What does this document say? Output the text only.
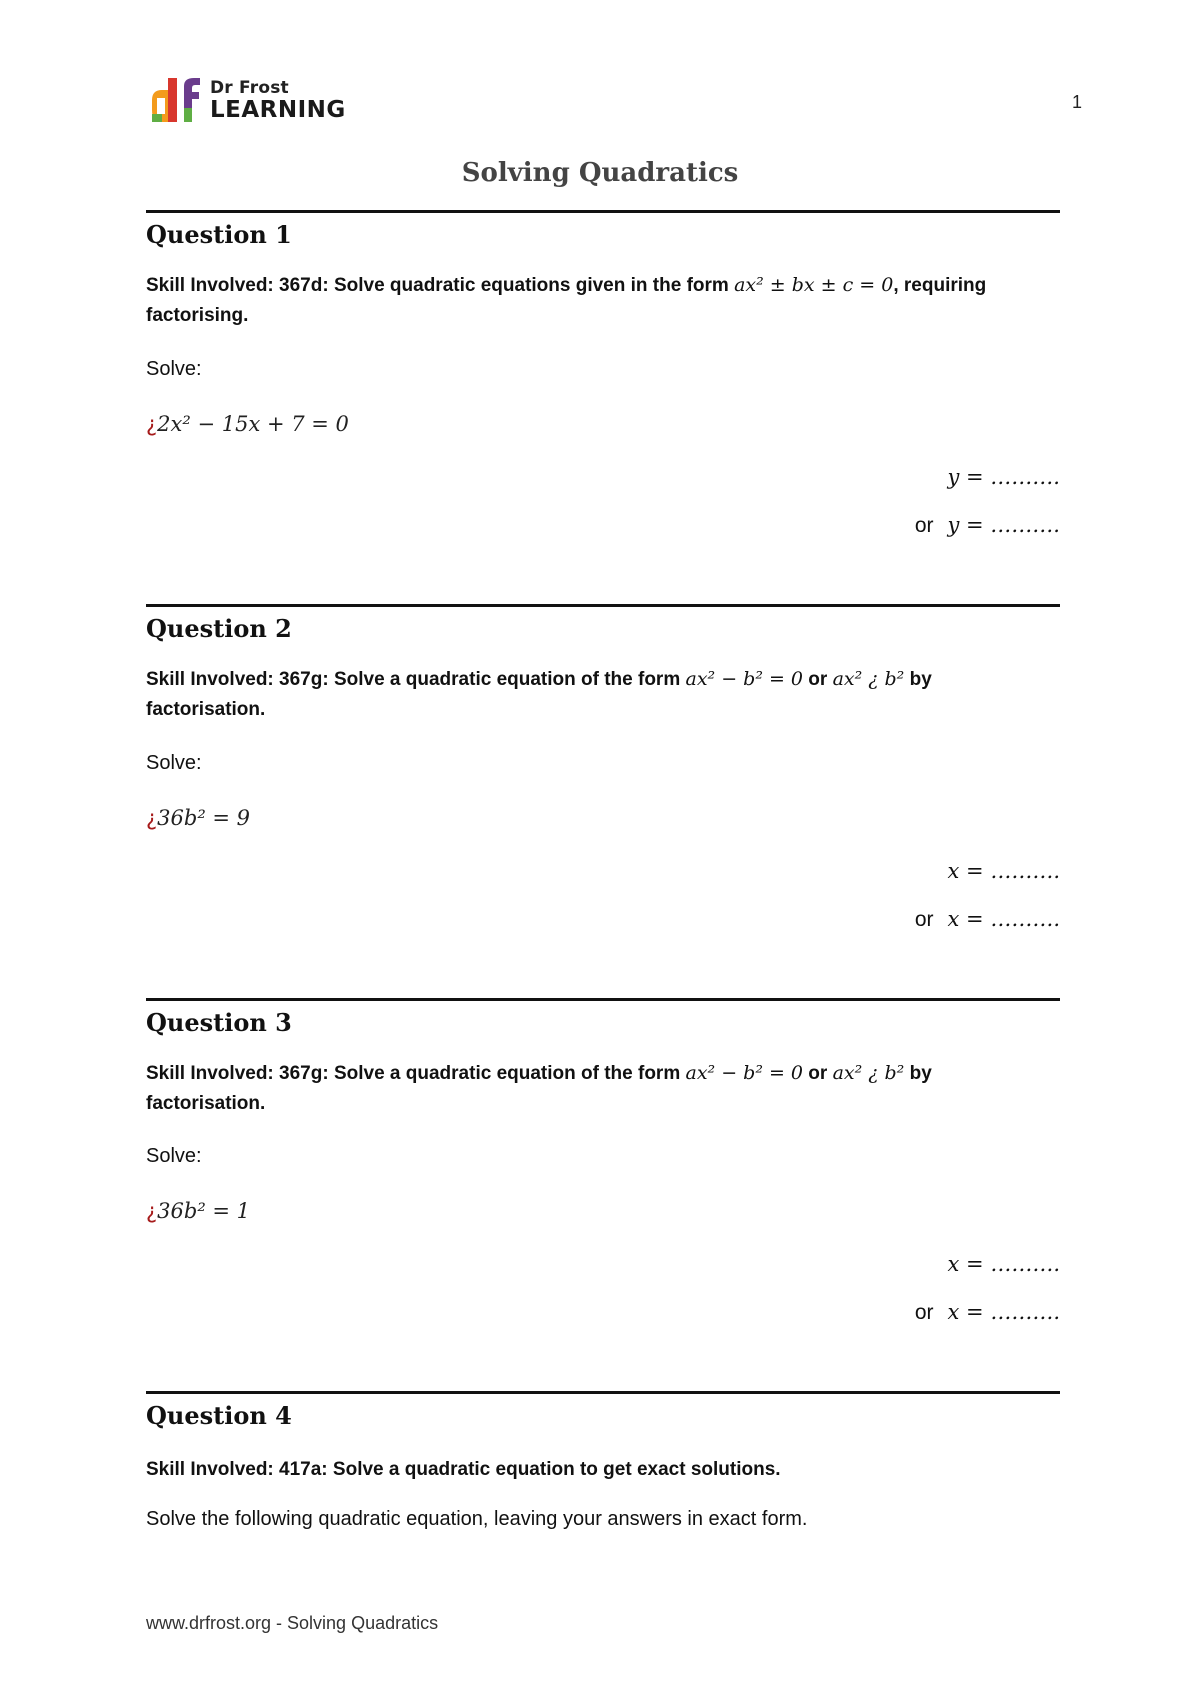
Dr Frost
LEARNING	1
Solving Quadratics
Question 1
Skill Involved: 367d: Solve quadratic equations given in the form ax² ± bx ± c = 0, requiring factorising.
Solve:
¿2x² − 15x + 7 = 0
y = ……….
or y = ……….
Question 2
Skill Involved: 367g: Solve a quadratic equation of the form ax² − b² = 0 or ax² ¿ b² by factorisation.
Solve:
¿36b² = 9
x = ……….
or x = ……….
Question 3
Skill Involved: 367g: Solve a quadratic equation of the form ax² − b² = 0 or ax² ¿ b² by factorisation.
Solve:
¿36b² = 1
x = ……….
or x = ……….
Question 4
Skill Involved: 417a: Solve a quadratic equation to get exact solutions.
Solve the following quadratic equation, leaving your answers in exact form.
www.drfrost.org - Solving Quadratics
